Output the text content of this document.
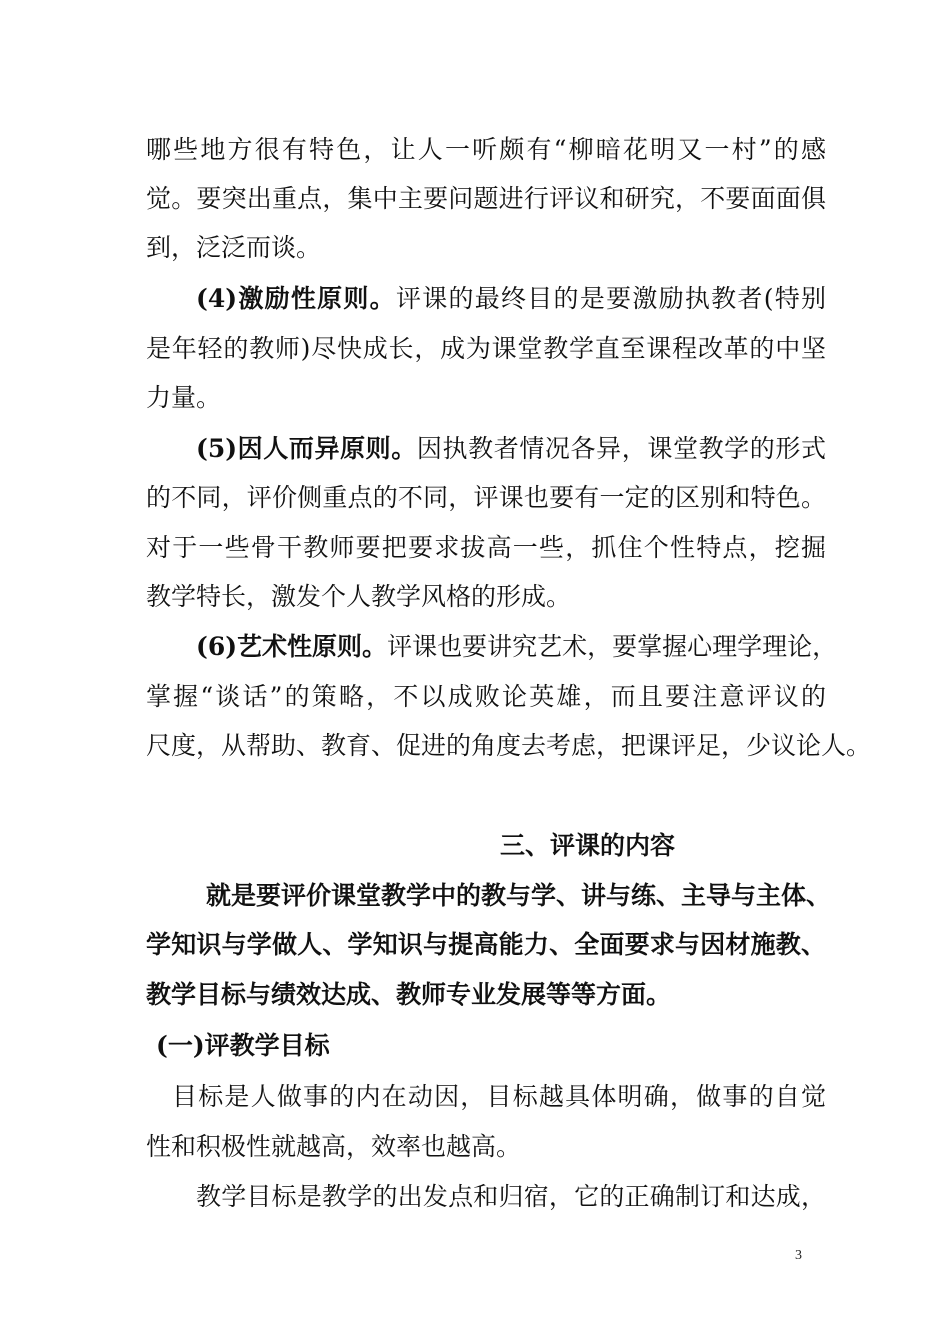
哪些地方很有特色，让人一听颇有“柳暗花明又一村”的感
觉。要突出重点，集中主要问题进行评议和研究，不要面面俱
到，泛泛而谈。
(4)激励性原则。评课的最终目的是要激励执教者(特别
是年轻的教师)尽快成长，成为课堂教学直至课程改革的中坚
力量。
(5)因人而异原则。因执教者情况各异，课堂教学的形式
的不同，评价侧重点的不同，评课也要有一定的区别和特色。
对于一些骨干教师要把要求拔高一些，抓住个性特点，挖掘
教学特长，激发个人教学风格的形成。
(6)艺术性原则。评课也要讲究艺术，要掌握心理学理论，
掌握“谈话”的策略，不以成败论英雄，而且要注意评议的
尺度，从帮助、教育、促进的角度去考虑，把课评足，少议论人。
三、评课的内容
就是要评价课堂教学中的教与学、讲与练、主导与主体、
学知识与学做人、学知识与提高能力、全面要求与因材施教、
教学目标与绩效达成、教师专业发展等等方面。
(一)评教学目标
目标是人做事的内在动因，目标越具体明确，做事的自觉
性和积极性就越高，效率也越高。
教学目标是教学的出发点和归宿，它的正确制订和达成，
3
